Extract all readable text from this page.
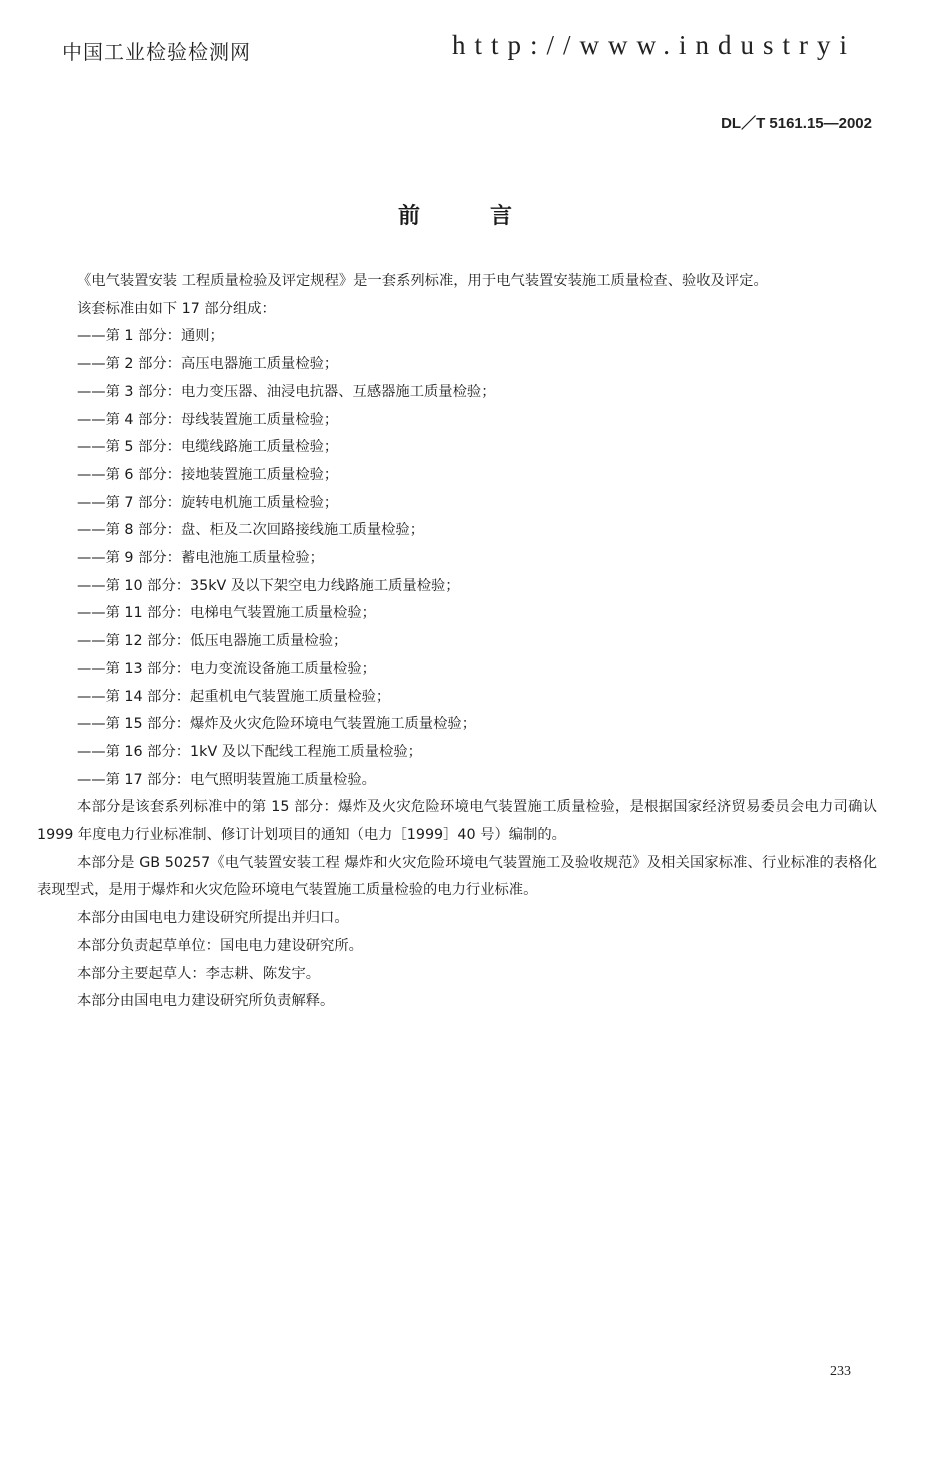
中国工业检验检测网	http://www.industryi
DL／T 5161.15—2002
前言

《电气装置安装 工程质量检验及评定规程》是一套系列标准，用于电气装置安装施工质量检查、验收及评定。

该套标准由如下 17 部分组成：

——第 1 部分：通则；

——第 2 部分：高压电器施工质量检验；

——第 3 部分：电力变压器、油浸电抗器、互感器施工质量检验；

——第 4 部分：母线装置施工质量检验；

——第 5 部分：电缆线路施工质量检验；

——第 6 部分：接地装置施工质量检验；

——第 7 部分：旋转电机施工质量检验；

——第 8 部分：盘、柜及二次回路接线施工质量检验；

——第 9 部分：蓄电池施工质量检验；

——第 10 部分：35kV 及以下架空电力线路施工质量检验；

——第 11 部分：电梯电气装置施工质量检验；

——第 12 部分：低压电器施工质量检验；

——第 13 部分：电力变流设备施工质量检验；

——第 14 部分：起重机电气装置施工质量检验；

——第 15 部分：爆炸及火灾危险环境电气装置施工质量检验；

——第 16 部分：1kV 及以下配线工程施工质量检验；

——第 17 部分：电气照明装置施工质量检验。

本部分是该套系列标准中的第 15 部分：爆炸及火灾危险环境电气装置施工质量检验，是根据国家经济贸易委员会电力司确认 1999 年度电力行业标准制、修订计划项目的通知（电力［1999］40 号）编制的。

本部分是 GB 50257《电气装置安装工程 爆炸和火灾危险环境电气装置施工及验收规范》及相关国家标准、行业标准的表格化表现型式，是用于爆炸和火灾危险环境电气装置施工质量检验的电力行业标准。

本部分由国电电力建设研究所提出并归口。

本部分负责起草单位：国电电力建设研究所。

本部分主要起草人：李志耕、陈发宇。

本部分由国电电力建设研究所负责解释。

233
